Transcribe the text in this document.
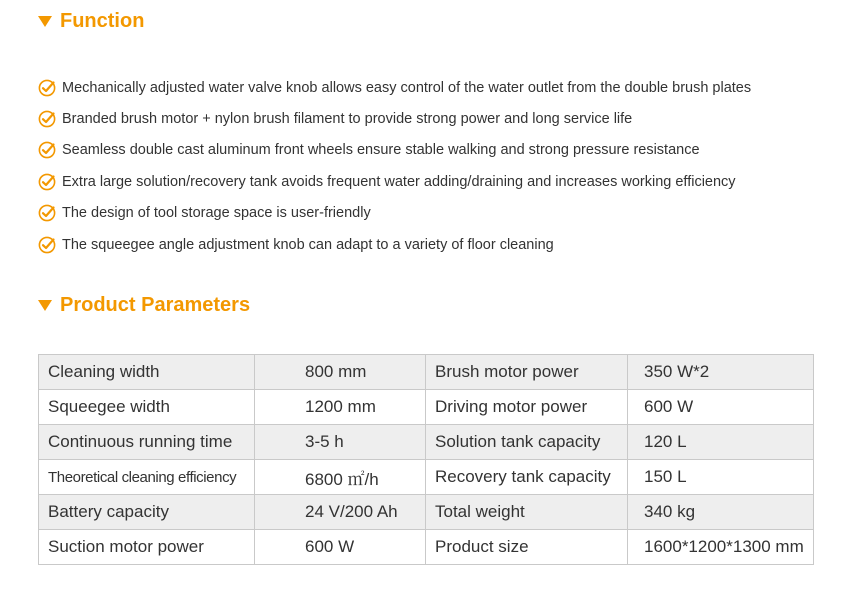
Function
Mechanically adjusted water valve knob allows easy control of the water outlet from the double brush plates
Branded brush motor + nylon brush filament to provide strong power and long service life
Seamless double cast aluminum front wheels ensure stable walking and strong pressure resistance
Extra large solution/recovery tank avoids frequent water adding/draining and increases working efficiency
The design of tool storage space is user-friendly
The squeegee angle adjustment knob can adapt to a variety of floor cleaning
Product Parameters
Cleaning width	800 mm	Brush motor power	350 W*2
Squeegee width	1200 mm	Driving motor power	600 W
Continuous running time	3-5 h	Solution tank capacity	120 L
Theoretical cleaning efficiency	6800 ㎡/h	Recovery tank capacity	150 L
Battery capacity	24 V/200 Ah	Total weight	340 kg
Suction motor power	600 W	Product size	1600*1200*1300 mm
